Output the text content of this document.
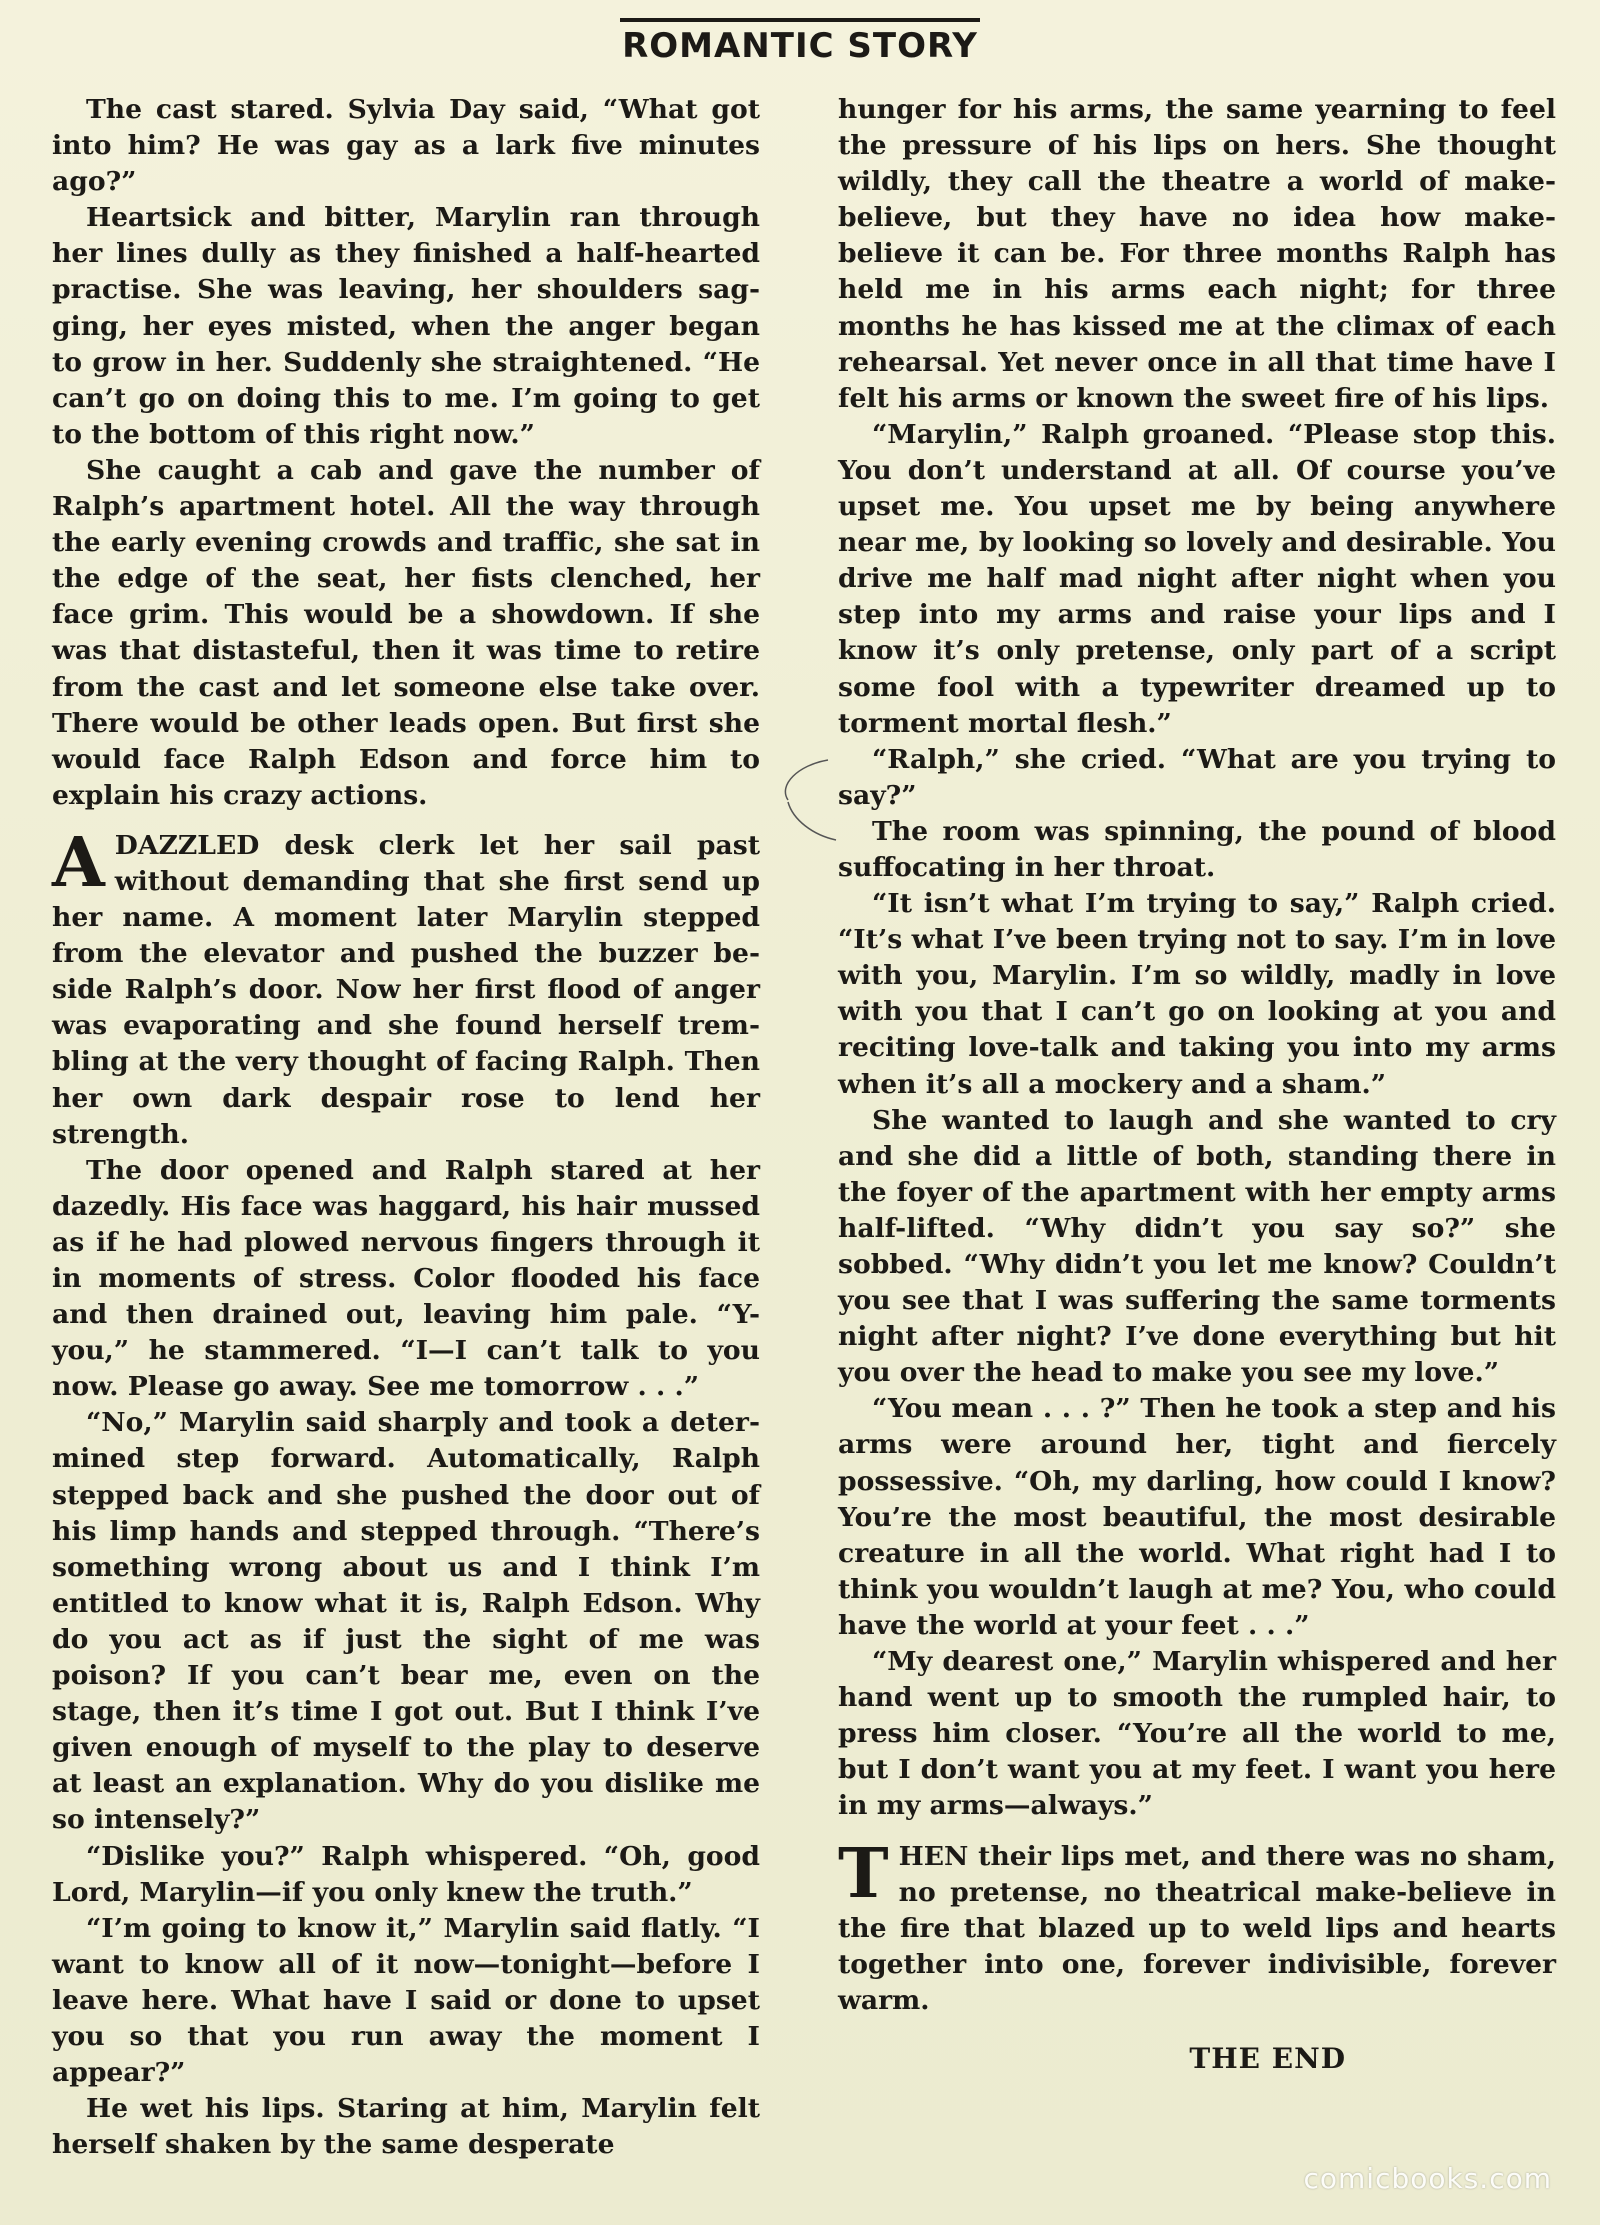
ROMANTIC STORY

The cast stared. Sylvia Day said, “What got into him? He was gay as a lark five minutes ago?”

Heartsick and bitter, Marylin ran through her lines dully as they finished a half-hearted practise. She was leaving, her shoulders sagging, her eyes misted, when the anger began to grow in her. Suddenly she straightened. “He can’t go on doing this to me. I’m going to get to the bottom of this right now.”

She caught a cab and gave the number of Ralph’s apartment hotel. All the way through the early evening crowds and traffic, she sat in the edge of the seat, her fists clenched, her face grim. This would be a showdown. If she was that distasteful, then it was time to retire from the cast and let someone else take over. There would be other leads open. But first she would face Ralph Edson and force him to explain his crazy actions.

ADAZZLED desk clerk let her sail past without demanding that she first send up her name. A moment later Marylin stepped from the elevator and pushed the buzzer beside Ralph’s door. Now her first flood of anger was evaporating and she found herself trembling at the very thought of facing Ralph. Then her own dark despair rose to lend her strength.

The door opened and Ralph stared at her dazedly. His face was haggard, his hair mussed as if he had plowed nervous fingers through it in moments of stress. Color flooded his face and then drained out, leaving him pale. “Y-you,” he stammered. “I—I can’t talk to you now. Please go away. See me tomorrow . . .”

“No,” Marylin said sharply and took a determined step forward. Automatically, Ralph stepped back and she pushed the door out of his limp hands and stepped through. “There’s something wrong about us and I think I’m entitled to know what it is, Ralph Edson. Why do you act as if just the sight of me was poison? If you can’t bear me, even on the stage, then it’s time I got out. But I think I’ve given enough of myself to the play to deserve at least an explanation. Why do you dislike me so intensely?”

“Dislike you?” Ralph whispered. “Oh, good Lord, Marylin—if you only knew the truth.”

“I’m going to know it,” Marylin said flatly. “I want to know all of it now—tonight—before I leave here. What have I said or done to upset you so that you run away the moment I appear?”

He wet his lips. Staring at him, Marylin felt herself shaken by the same desperate

hunger for his arms, the same yearning to feel the pressure of his lips on hers. She thought wildly, they call the theatre a world of make-believe, but they have no idea how make-believe it can be. For three months Ralph has held me in his arms each night; for three months he has kissed me at the climax of each rehearsal. Yet never once in all that time have I felt his arms or known the sweet fire of his lips.

“Marylin,” Ralph groaned. “Please stop this. You don’t understand at all. Of course you’ve upset me. You upset me by being anywhere near me, by looking so lovely and desirable. You drive me half mad night after night when you step into my arms and raise your lips and I know it’s only pretense, only part of a script some fool with a typewriter dreamed up to torment mortal flesh.”

“Ralph,” she cried. “What are you trying to say?”

The room was spinning, the pound of blood suffocating in her throat.

“It isn’t what I’m trying to say,” Ralph cried. “It’s what I’ve been trying not to say. I’m in love with you, Marylin. I’m so wildly, madly in love with you that I can’t go on looking at you and reciting love-talk and taking you into my arms when it’s all a mockery and a sham.”

She wanted to laugh and she wanted to cry and she did a little of both, standing there in the foyer of the apartment with her empty arms half-lifted. “Why didn’t you say so?” she sobbed. “Why didn’t you let me know? Couldn’t you see that I was suffering the same torments night after night? I’ve done everything but hit you over the head to make you see my love.”

“You mean . . . ?” Then he took a step and his arms were around her, tight and fiercely possessive. “Oh, my darling, how could I know? You’re the most beautiful, the most desirable creature in all the world. What right had I to think you wouldn’t laugh at me? You, who could have the world at your feet . . .”

“My dearest one,” Marylin whispered and her hand went up to smooth the rumpled hair, to press him closer. “You’re all the world to me, but I don’t want you at my feet. I want you here in my arms—always.”

THEN their lips met, and there was no sham, no pretense, no theatrical make-believe in the fire that blazed up to weld lips and hearts together into one, forever indivisible, forever warm.

THE END
comicbooks.com
